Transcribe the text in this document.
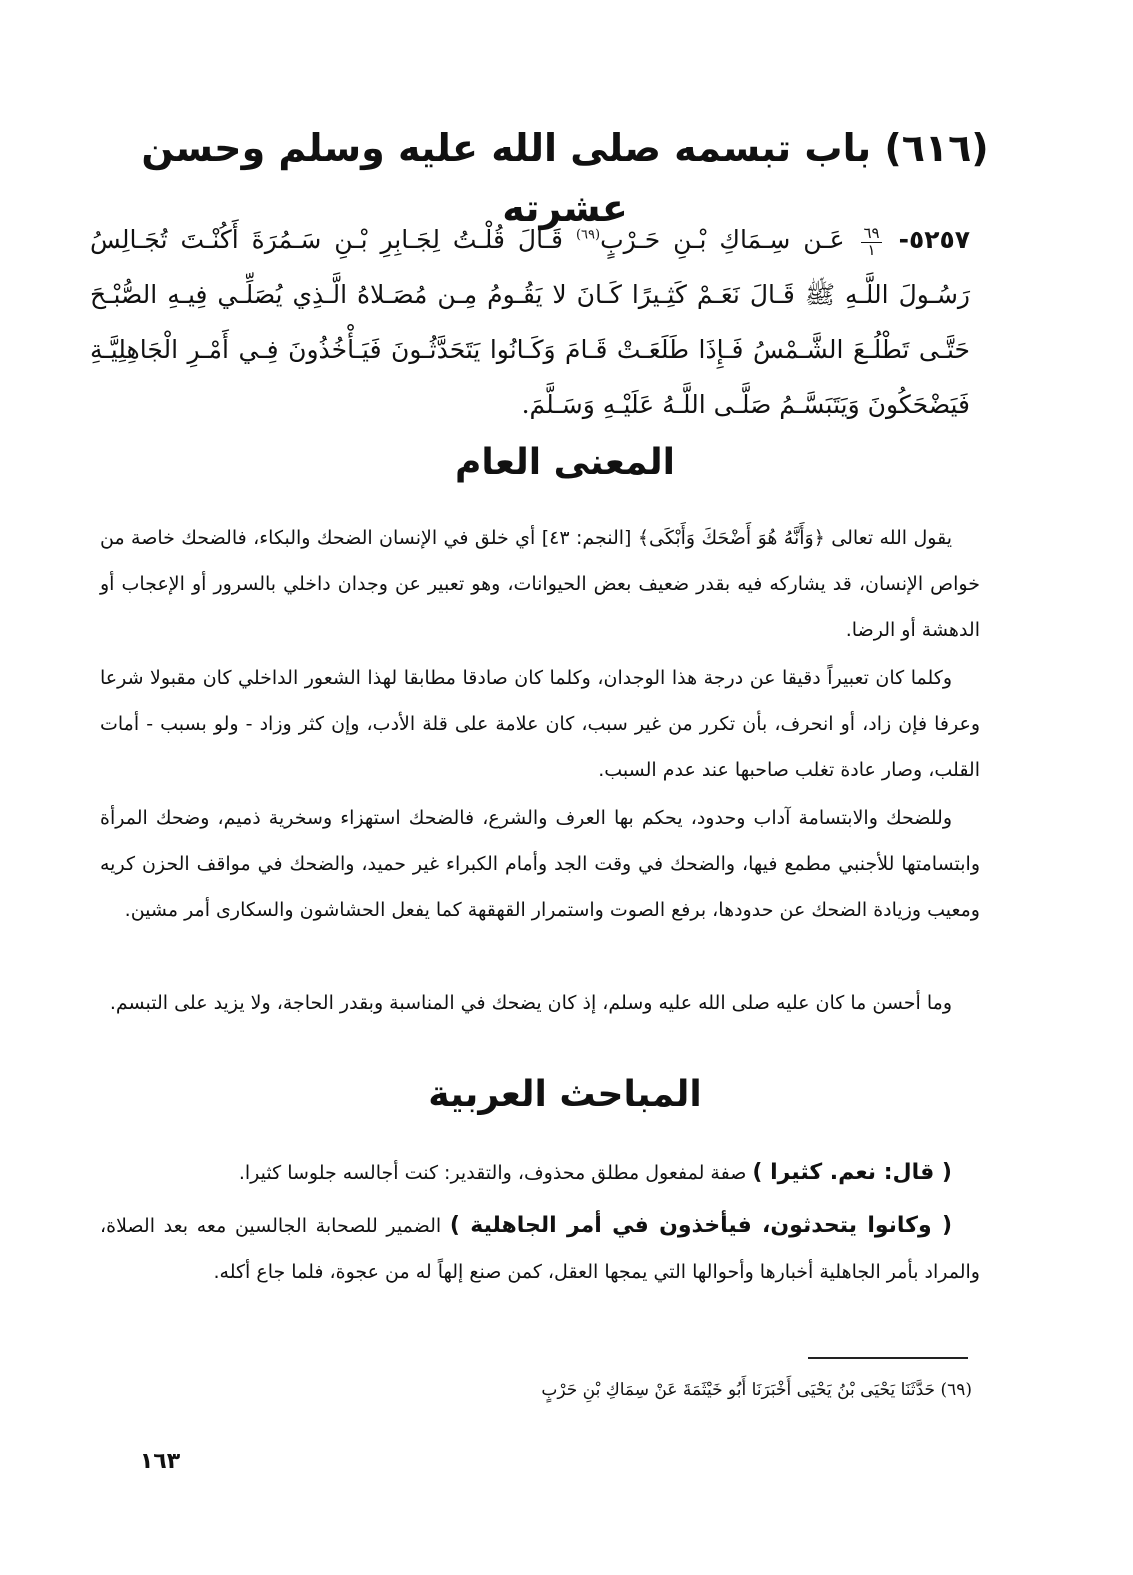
(٦١٦) باب تبسمه صلى الله عليه وسلم وحسن عشرته

٥٢٥٧-
$\frac{٦٩}{١}$
عَـن سِـمَاكِ بْـنِ حَـرْبٍ$^{(٦٩)}$ قَـالَ قُلْـتُ لِجَـابِرِ بْـنِ سَـمُرَةَ أَكُنْـتَ تُجَـالِسُ رَسُـولَ اللَّـهِ ﷺ قَـالَ نَعَـمْ كَثِـيرًا كَـانَ لا يَقُـومُ مِـن مُصَـلاهُ الَّـذِي يُصَلِّـي فِيـهِ الصُّبْـحَ حَتَّـى تَطْلُـعَ الشَّـمْسُ فَـإِذَا طَلَعَـتْ قَـامَ وَكَـانُوا يَتَحَدَّثُـونَ فَيَـأْخُذُونَ فِـي أَمْـرِ الْجَاهِلِيَّـةِ فَيَضْحَكُونَ وَيَتَبَسَّـمُ صَلَّـى اللَّـهُ عَلَيْـهِ وَسَـلَّمَ.

المعنى العام

يقول الله تعالى ﴿وَأَنَّهُ هُوَ أَضْحَكَ وَأَبْكَى﴾ [النجم: ٤٣] أي خلق في الإنسان الضحك والبكاء، فالضحك خاصة من خواص الإنسان، قد يشاركه فيه بقدر ضعيف بعض الحيوانات، وهو تعبير عن وجدان داخلي بالسرور أو الإعجاب أو الدهشة أو الرضا.

وكلما كان تعبيراً دقيقا عن درجة هذا الوجدان، وكلما كان صادقا مطابقا لهذا الشعور الداخلي كان مقبولا شرعا وعرفا فإن زاد، أو انحرف، بأن تكرر من غير سبب، كان علامة على قلة الأدب، وإن كثر وزاد - ولو بسبب - أمات القلب، وصار عادة تغلب صاحبها عند عدم السبب.

وللضحك والابتسامة آداب وحدود، يحكم بها العرف والشرع، فالضحك استهزاء وسخرية ذميم، وضحك المرأة وابتسامتها للأجنبي مطمع فيها، والضحك في وقت الجد وأمام الكبراء غير حميد، والضحك في مواقف الحزن كريه ومعيب وزيادة الضحك عن حدودها، برفع الصوت واستمرار القهقهة كما يفعل الحشاشون والسكارى أمر مشين.

وما أحسن ما كان عليه صلى الله عليه وسلم، إذ كان يضحك في المناسبة وبقدر الحاجة، ولا يزيد على التبسم.

المباحث العربية

( قال: نعم. كثيرا ) صفة لمفعول مطلق محذوف، والتقدير: كنت أجالسه جلوسا كثيرا.

( وكانوا يتحدثون، فيأخذون في أمر الجاهلية ) الضمير للصحابة الجالسين معه بعد الصلاة، والمراد بأمر الجاهلية أخبارها وأحوالها التي يمجها العقل، كمن صنع إلهاً له من عجوة، فلما جاع أكله.

(٦٩) حَدَّثَنَا يَحْيَى بْنُ يَحْيَى أَخْبَرَنَا أَبُو خَيْثَمَةَ عَنْ سِمَاكِ بْنِ حَرْبٍ

١٦٣
